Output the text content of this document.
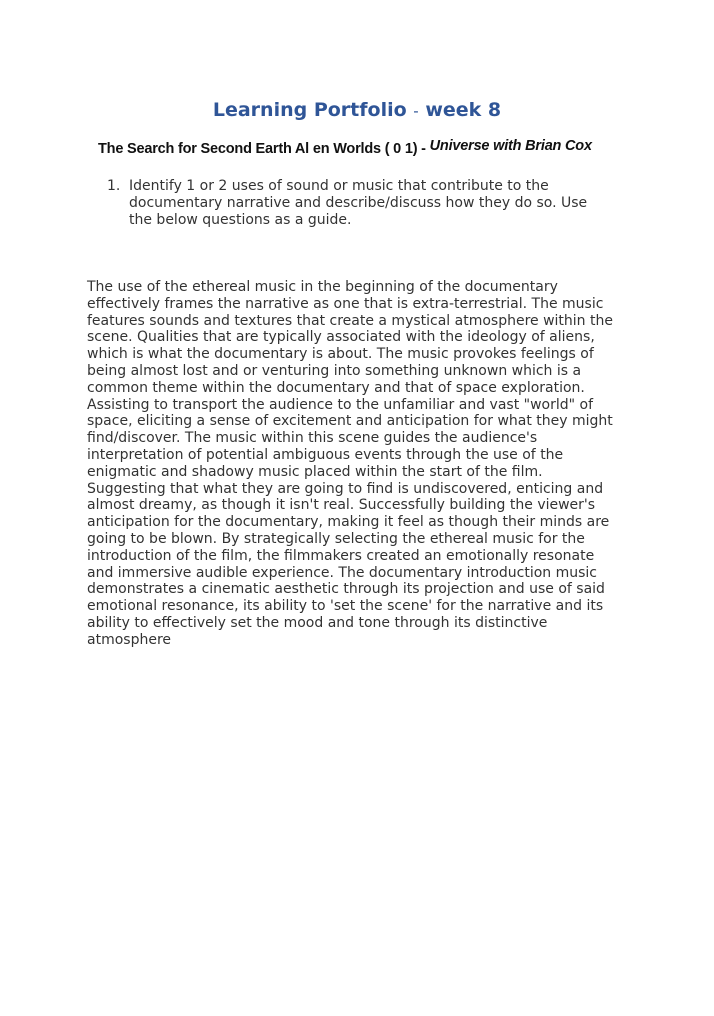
Learning Portfolio - week 8
The Search for Second Earth Al en Worlds ( 0 1) - Universe with Brian Cox
1. Identify 1 or 2 uses of sound or music that contribute to the documentary narrative and describe/discuss how they do so. Use the below questions as a guide.
The use of the ethereal music in the beginning of the documentary
effectively frames the narrative as one that is extra-terrestrial. The music
features sounds and textures that create a mystical atmosphere within the
scene. Qualities that are typically associated with the ideology of aliens,
which is what the documentary is about. The music provokes feelings of
being almost lost and or venturing into something unknown which is a
common theme within the documentary and that of space exploration.
Assisting to transport the audience to the unfamiliar and vast "world" of
space, eliciting a sense of excitement and anticipation for what they might
find/discover. The music within this scene guides the audience's
interpretation of potential ambiguous events through the use of the
enigmatic and shadowy music placed within the start of the film.
Suggesting that what they are going to find is undiscovered, enticing and
almost dreamy, as though it isn't real. Successfully building the viewer's
anticipation for the documentary, making it feel as though their minds are
going to be blown. By strategically selecting the ethereal music for the
introduction of the film, the filmmakers created an emotionally resonate
and immersive audible experience. The documentary introduction music
demonstrates a cinematic aesthetic through its projection and use of said
emotional resonance, its ability to 'set the scene' for the narrative and its
ability to effectively set the mood and tone through its distinctive
atmosphere
